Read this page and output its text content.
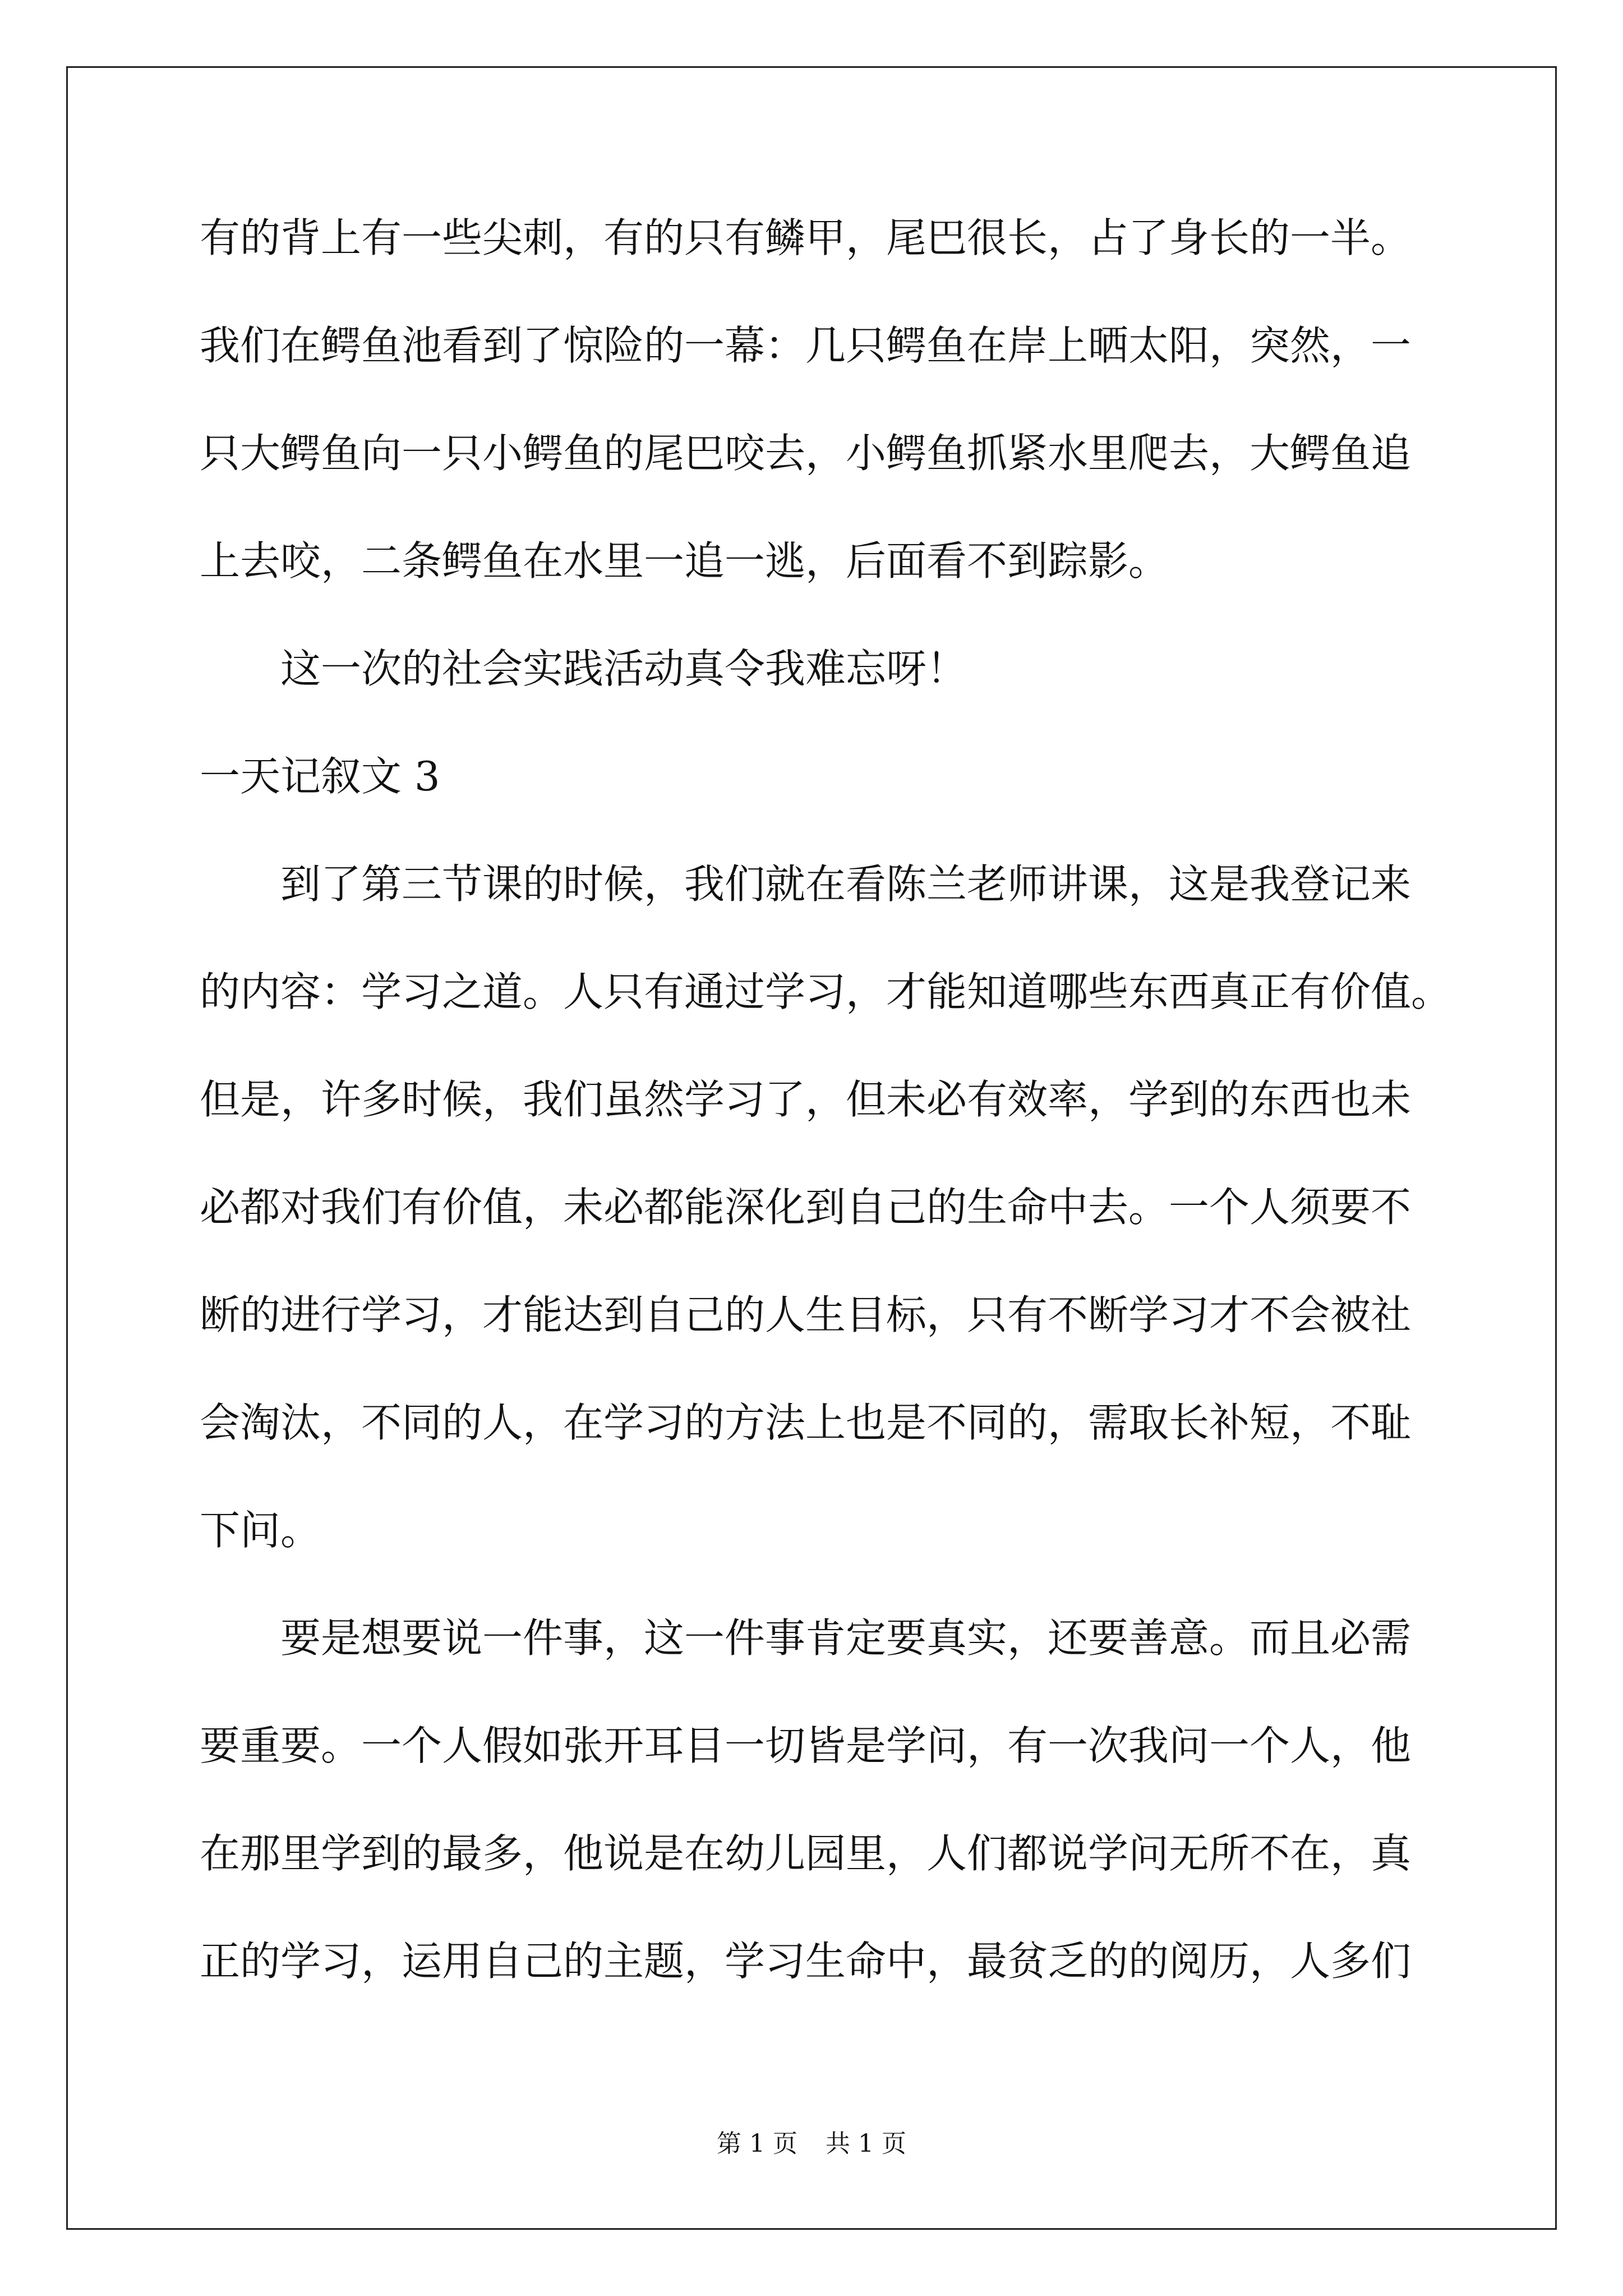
有的背上有一些尖刺，有的只有鳞甲，尾巴很长，占了身长的一半。
我们在鳄鱼池看到了惊险的一幕：几只鳄鱼在岸上晒太阳，突然，一
只大鳄鱼向一只小鳄鱼的尾巴咬去，小鳄鱼抓紧水里爬去，大鳄鱼追
上去咬，二条鳄鱼在水里一追一逃，后面看不到踪影。
这一次的社会实践活动真令我难忘呀！
一天记叙文 3
到了第三节课的时候，我们就在看陈兰老师讲课，这是我登记来
的内容：学习之道。人只有通过学习，才能知道哪些东西真正有价值。
但是，许多时候，我们虽然学习了，但未必有效率，学到的东西也未
必都对我们有价值，未必都能深化到自己的生命中去。一个人须要不
断的进行学习，才能达到自己的人生目标，只有不断学习才不会被社
会淘汰，不同的人，在学习的方法上也是不同的，需取长补短，不耻
下问。
要是想要说一件事，这一件事肯定要真实，还要善意。而且必需
要重要。一个人假如张开耳目一切皆是学问，有一次我问一个人，他
在那里学到的最多，他说是在幼儿园里，人们都说学问无所不在，真
正的学习，运用自己的主题，学习生命中，最贫乏的的阅历，人多们
第 1 页 共 1 页
